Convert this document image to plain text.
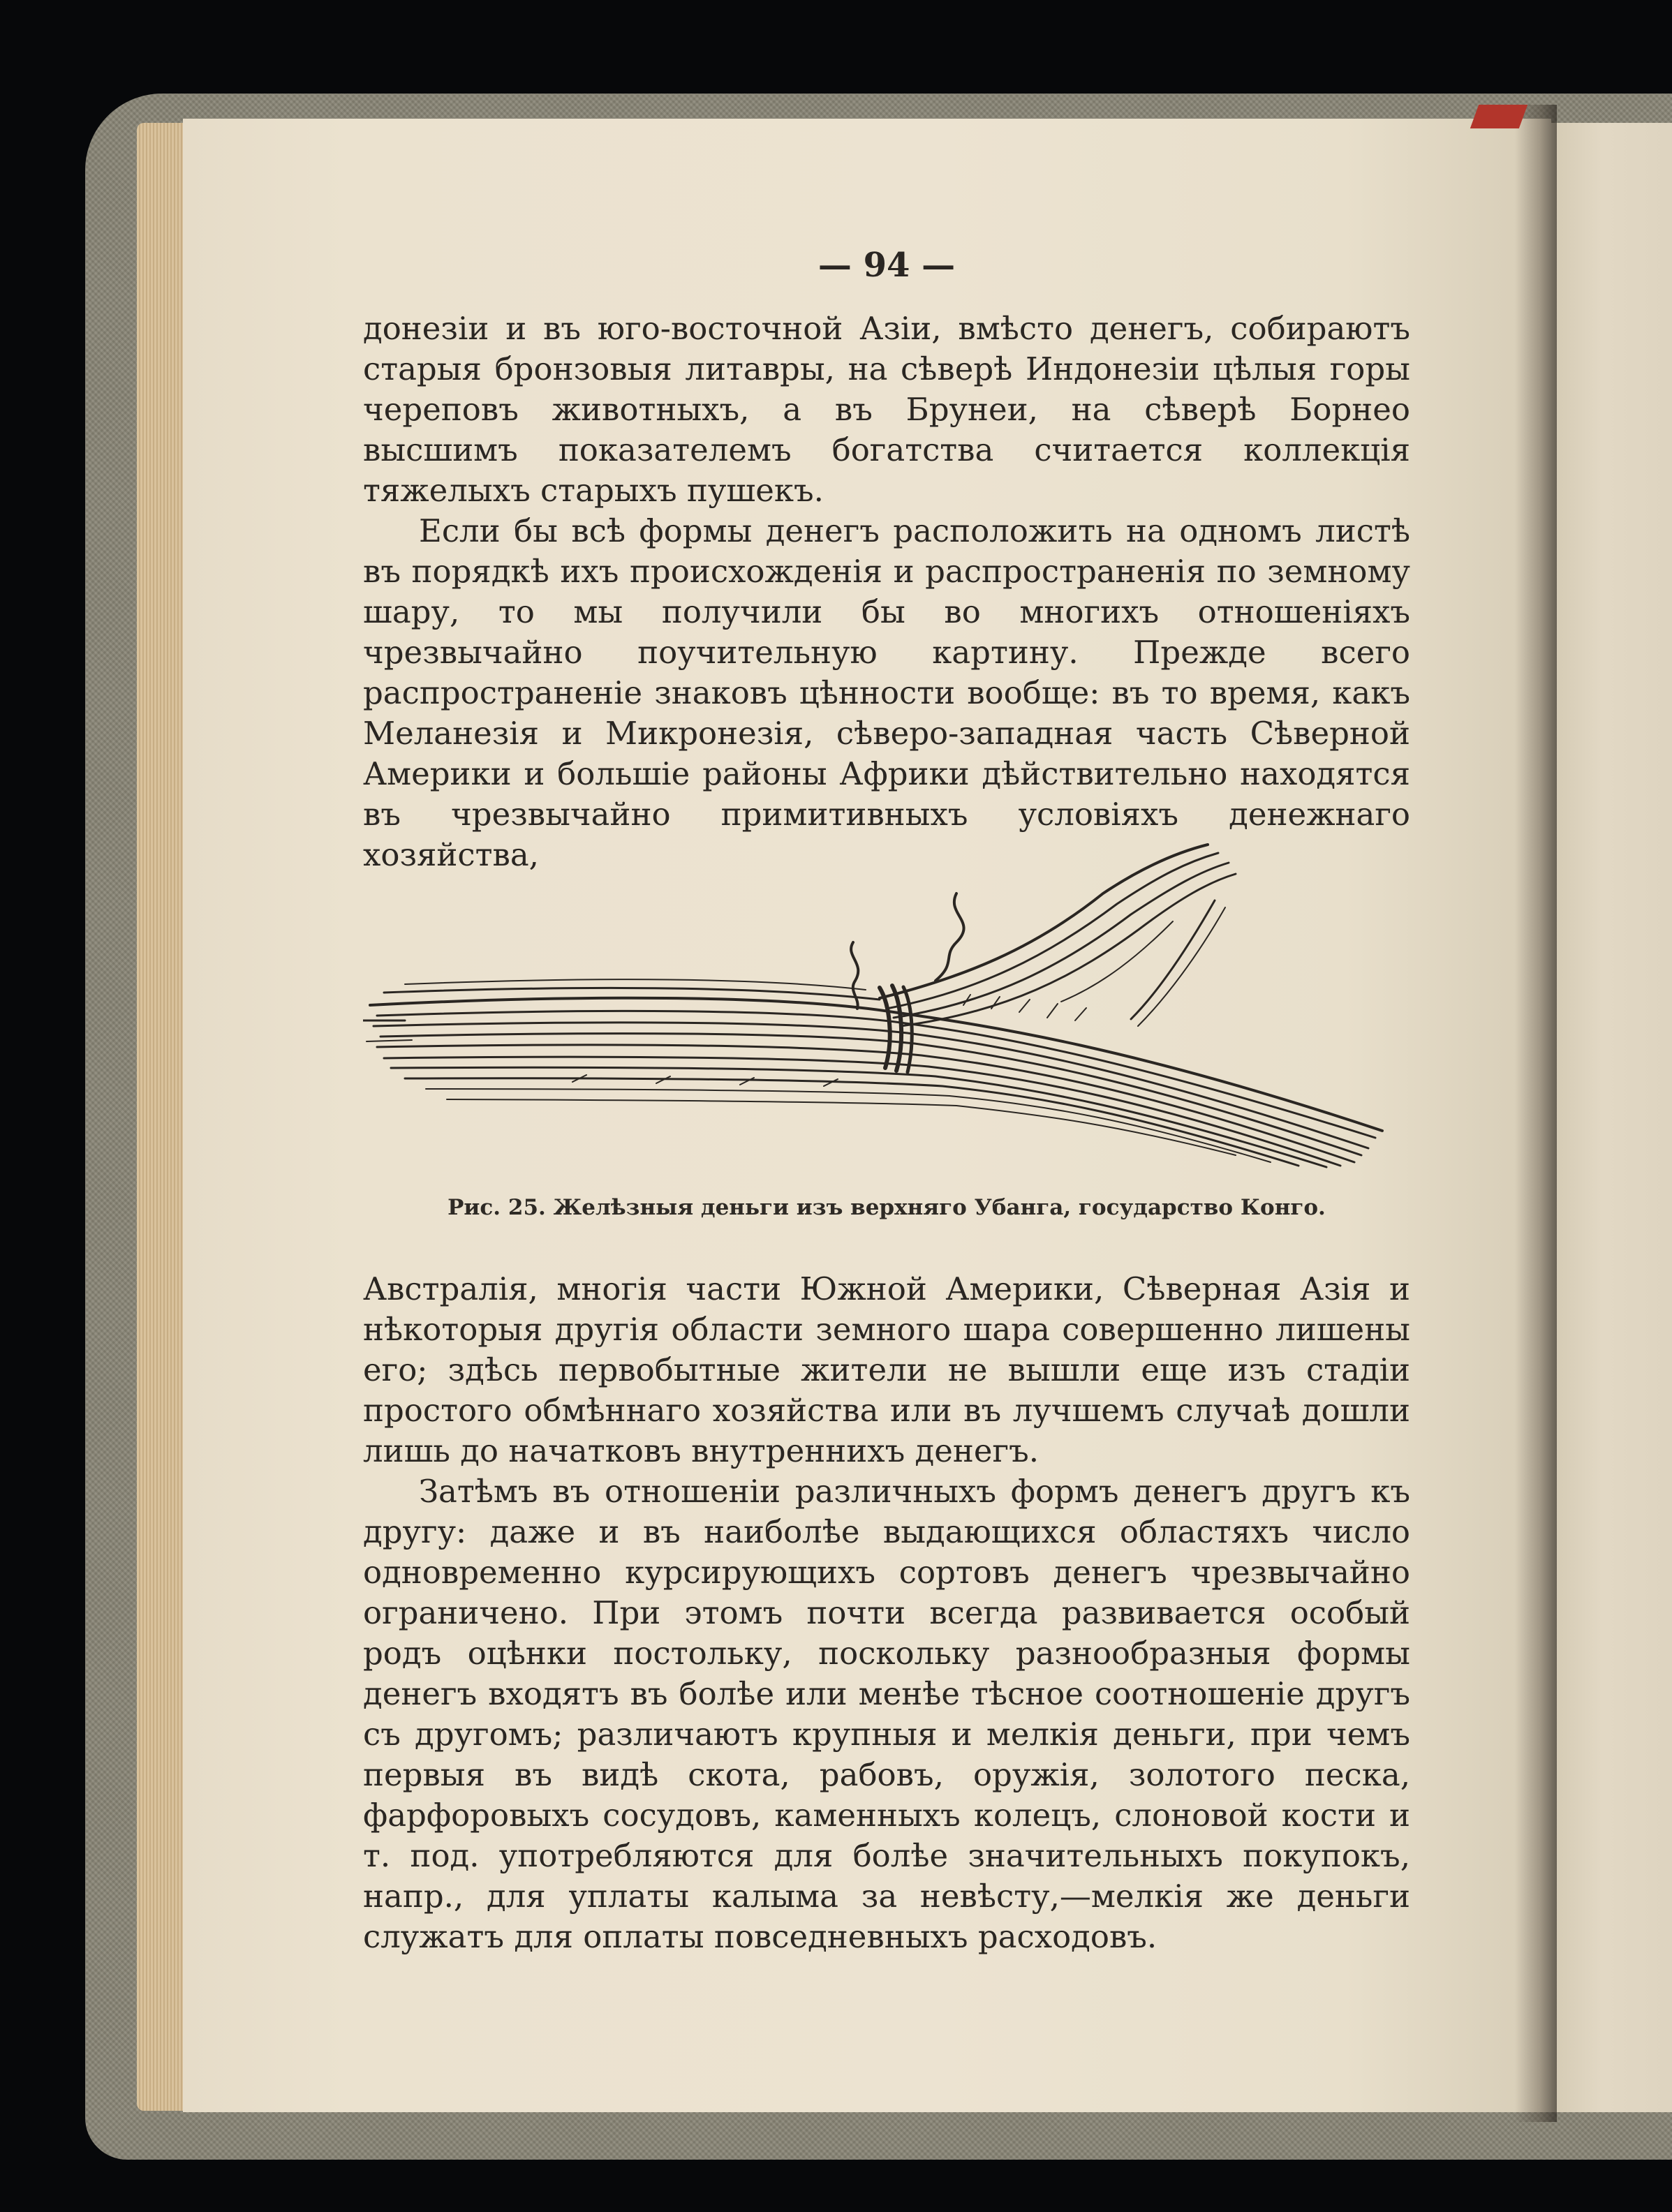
— 94 —

донезіи и въ юго-восточной Азіи, вмѣсто денегъ, собираютъ старыя бронзовыя литавры, на сѣверѣ Индонезіи цѣлыя горы череповъ животныхъ, а въ Брунеи, на сѣверѣ Борнео высшимъ показателемъ богатства считается коллекція тяжелыхъ старыхъ пушекъ.

Если бы всѣ формы денегъ расположить на одномъ листѣ въ порядкѣ ихъ происхожденія и распространенія по земному шару, то мы получили бы во многихъ отношеніяхъ чрезвычайно поучительную картину. Прежде всего распространеніе знаковъ цѣнности вообще: въ то время, какъ Меланезія и Микронезія, сѣверо-западная часть Сѣверной Америки и большіе районы Африки дѣйствительно находятся въ чрезвычайно примитивныхъ условіяхъ денежнаго хозяйства,

Рис. 25. Желѣзныя деньги изъ верхняго Убанга, государство Конго.

Австралія, многія части Южной Америки, Сѣверная Азія и нѣкоторыя другія области земного шара совершенно лишены его; здѣсь первобытные жители не вышли еще изъ стадіи простого обмѣннаго хозяйства или въ лучшемъ случаѣ дошли лишь до начатковъ внутреннихъ денегъ.

Затѣмъ въ отношеніи различныхъ формъ денегъ другъ къ другу: даже и въ наиболѣе выдающихся областяхъ число одновременно курсирующихъ сортовъ денегъ чрезвычайно ограничено. При этомъ почти всегда развивается особый родъ оцѣнки постольку, поскольку разнообразныя формы денегъ входятъ въ болѣе или менѣе тѣсное соотношеніе другъ съ другомъ; различаютъ крупныя и мелкія деньги, при чемъ первыя въ видѣ скота, рабовъ, оружія, золотого песка, фарфоровыхъ сосудовъ, каменныхъ колецъ, слоновой кости и т. под. употребляются для болѣе значительныхъ покупокъ, напр., для уплаты калыма за невѣсту,—мелкія же деньги служатъ для оплаты повседневныхъ расходовъ.
